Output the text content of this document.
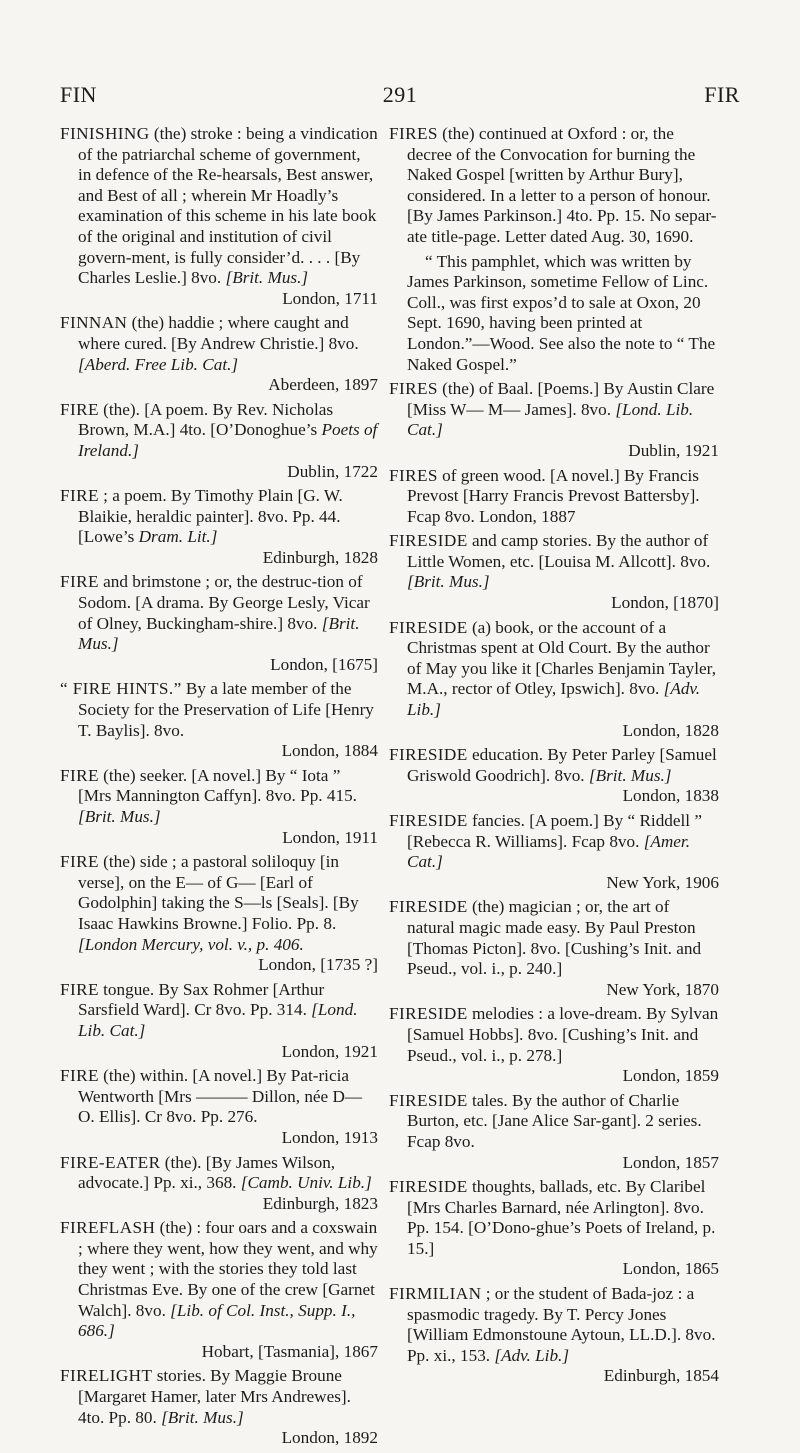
FIN	291	FIR

FINISHING (the) stroke : being a vindication of the patriarchal scheme of government, in defence of the Re-hearsals, Best answer, and Best of all ; wherein Mr Hoadly’s examination of this scheme in his late book of the original and institution of civil govern-ment, is fully consider’d. . . . [By Charles Leslie.] 8vo. [Brit. Mus.]
London, 1711

FINNAN (the) haddie ; where caught and where cured. [By Andrew Christie.] 8vo. [Aberd. Free Lib. Cat.]
Aberdeen, 1897

FIRE (the). [A poem. By Rev. Nicholas Brown, M.A.] 4to. [O’Donoghue’s Poets of Ireland.]
Dublin, 1722

FIRE ; a poem. By Timothy Plain [G. W. Blaikie, heraldic painter]. 8vo. Pp. 44. [Lowe’s Dram. Lit.]
Edinburgh, 1828

FIRE and brimstone ; or, the destruc-tion of Sodom. [A drama. By George Lesly, Vicar of Olney, Buckingham-shire.] 8vo. [Brit. Mus.]
London, [1675]

“ FIRE HINTS.” By a late member of the Society for the Preservation of Life [Henry T. Baylis]. 8vo.
London, 1884

FIRE (the) seeker. [A novel.] By “ Iota ” [Mrs Mannington Caffyn]. 8vo. Pp. 415. [Brit. Mus.]
London, 1911

FIRE (the) side ; a pastoral soliloquy [in verse], on the E— of G— [Earl of Godolphin] taking the S—ls [Seals]. [By Isaac Hawkins Browne.] Folio. Pp. 8. [London Mercury, vol. v., p. 406.
London, [1735 ?]

FIRE tongue. By Sax Rohmer [Arthur Sarsfield Ward]. Cr 8vo. Pp. 314. [Lond. Lib. Cat.]
London, 1921

FIRE (the) within. [A novel.] By Pat-ricia Wentworth [Mrs ——— Dillon, née D— O. Ellis]. Cr 8vo. Pp. 276.
London, 1913

FIRE-EATER (the). [By James Wilson, advocate.] Pp. xi., 368. [Camb. Univ. Lib.]
Edinburgh, 1823

FIREFLASH (the) : four oars and a coxswain ; where they went, how they went, and why they went ; with the stories they told last Christmas Eve. By one of the crew [Garnet Walch]. 8vo. [Lib. of Col. Inst., Supp. I., 686.]
Hobart, [Tasmania], 1867

FIRELIGHT stories. By Maggie Broune [Margaret Hamer, later Mrs Andrewes]. 4to. Pp. 80. [Brit. Mus.]
London, 1892

FIRES (the) continued at Oxford : or, the decree of the Convocation for burning the Naked Gospel [written by Arthur Bury], considered. In a letter to a person of honour. [By James Parkinson.] 4to. Pp. 15. No separ-ate title-page. Letter dated Aug. 30, 1690.

“ This pamphlet, which was written by James Parkinson, sometime Fellow of Linc. Coll., was first expos’d to sale at Oxon, 20 Sept. 1690, having been printed at London.”—Wood. See also the note to “ The Naked Gospel.”

FIRES (the) of Baal. [Poems.] By Austin Clare [Miss W— M— James]. 8vo. [Lond. Lib. Cat.]
Dublin, 1921

FIRES of green wood. [A novel.] By Francis Prevost [Harry Francis Prevost Battersby]. Fcap 8vo. London, 1887

FIRESIDE and camp stories. By the author of Little Women, etc. [Louisa M. Allcott]. 8vo. [Brit. Mus.]
London, [1870]

FIRESIDE (a) book, or the account of a Christmas spent at Old Court. By the author of May you like it [Charles Benjamin Tayler, M.A., rector of Otley, Ipswich]. 8vo. [Adv. Lib.]
London, 1828

FIRESIDE education. By Peter Parley [Samuel Griswold Goodrich]. 8vo. [Brit. Mus.]
London, 1838

FIRESIDE fancies. [A poem.] By “ Riddell ” [Rebecca R. Williams]. Fcap 8vo. [Amer. Cat.]
New York, 1906

FIRESIDE (the) magician ; or, the art of natural magic made easy. By Paul Preston [Thomas Picton]. 8vo. [Cushing’s Init. and Pseud., vol. i., p. 240.]
New York, 1870

FIRESIDE melodies : a love-dream. By Sylvan [Samuel Hobbs]. 8vo. [Cushing’s Init. and Pseud., vol. i., p. 278.]
London, 1859

FIRESIDE tales. By the author of Charlie Burton, etc. [Jane Alice Sar-gant]. 2 series. Fcap 8vo.
London, 1857

FIRESIDE thoughts, ballads, etc. By Claribel [Mrs Charles Barnard, née Arlington]. 8vo. Pp. 154. [O’Dono-ghue’s Poets of Ireland, p. 15.]
London, 1865

FIRMILIAN ; or the student of Bada-joz : a spasmodic tragedy. By T. Percy Jones [William Edmonstoune Aytoun, LL.D.]. 8vo. Pp. xi., 153. [Adv. Lib.]
Edinburgh, 1854
